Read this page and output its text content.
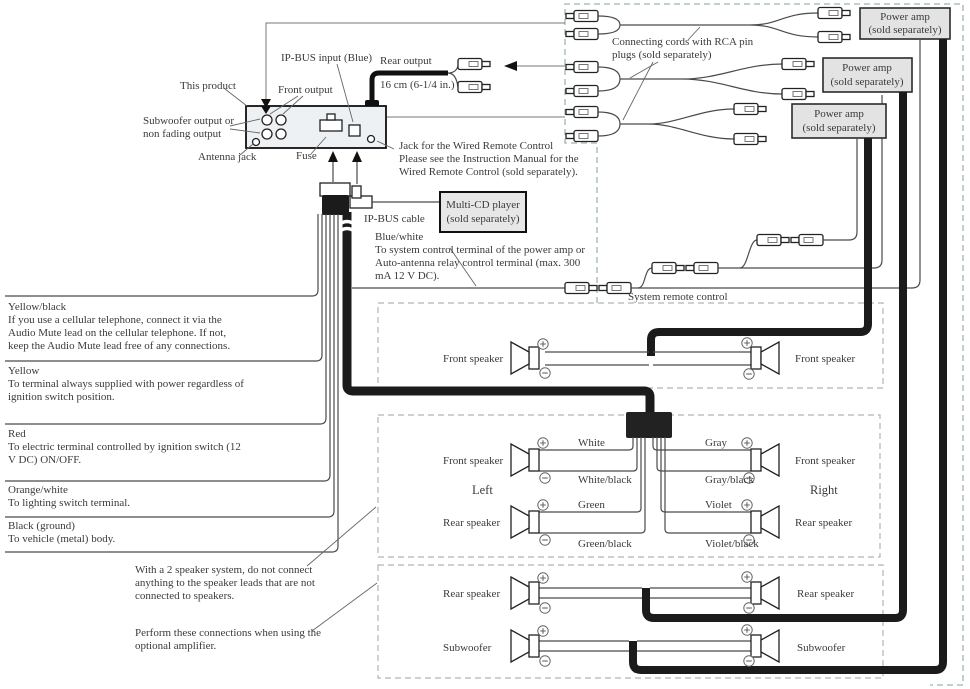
Multi-CD player
(sold separately)
Power amp
(sold separately)
Power amp
(sold separately)
Power amp
(sold separately)
Front speaker	Front speaker
Front speaker	Front speaker
Rear speaker	Rear speaker
Left	Right
White
White/black
Green
Green/black
Gray
Gray/black
Violet
Violet/black
Rear speaker	Rear speaker
Subwoofer	Subwoofer
This product
IP-BUS input (Blue) Rear output
16 cm (6-1/4 in.)
Front output
Subwoofer output or
non fading output
Antenna jack	Fuse
Jack for the Wired Remote Control
Please see the Instruction Manual for the
Wired Remote Control (sold separately).
Connecting cords with RCA pin
plugs (sold separately)
IP-BUS cable
Blue/white
To system control terminal of the power amp or
Auto-antenna relay control terminal (max. 300
mA 12 V DC).
System remote control
Yellow/black
If you use a cellular telephone, connect it via the
Audio Mute lead on the cellular telephone. If not,
keep the Audio Mute lead free of any connections.
Yellow
To terminal always supplied with power regardless of
ignition switch position.
Red
To electric terminal controlled by ignition switch (12
V DC) ON/OFF.
Orange/white
To lighting switch terminal.
Black (ground)
To vehicle (metal) body.
With a 2 speaker system, do not connect
anything to the speaker leads that are not
connected to speakers.
Perform these connections when using the
optional amplifier.
